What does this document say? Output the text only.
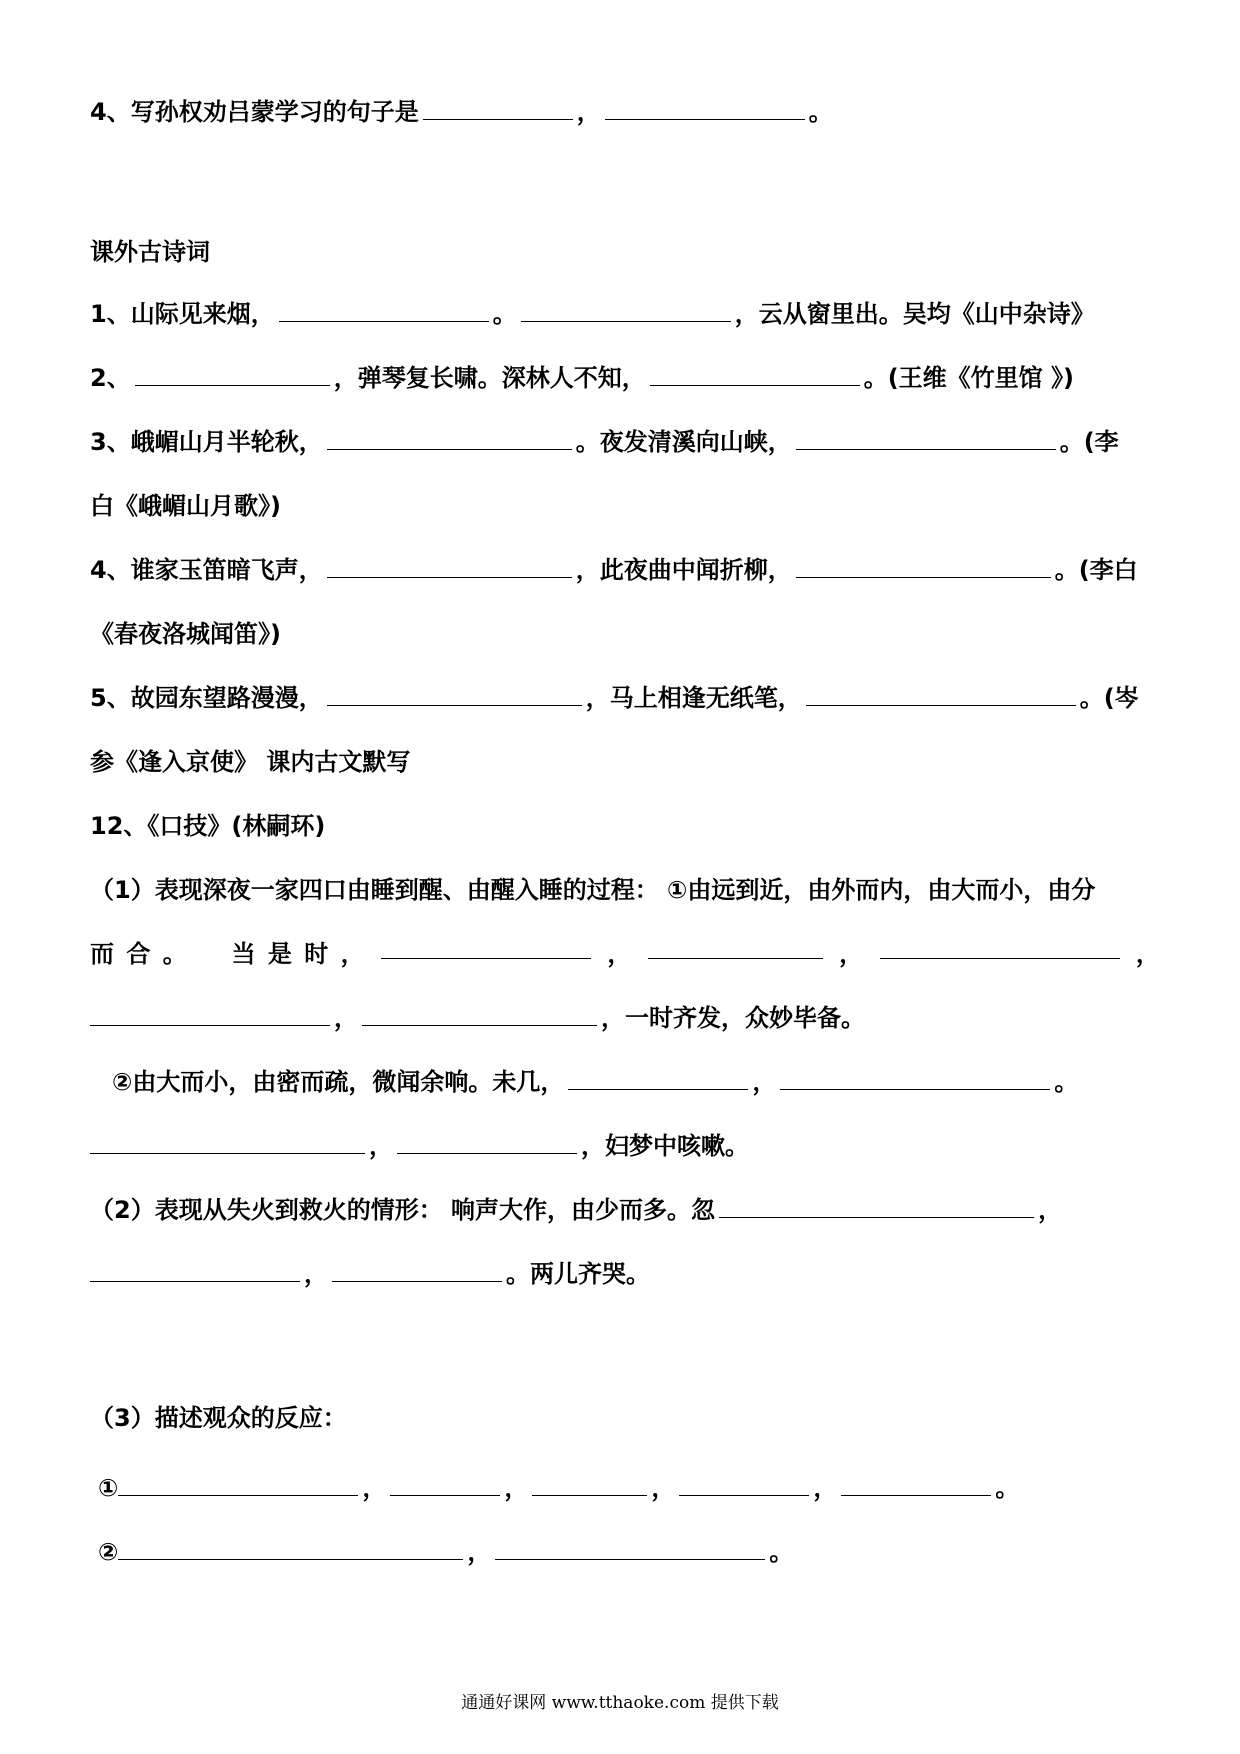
4、写孙权劝吕蒙学习的句子是	，	。
课外古诗词
1、山际见来烟，	。	，云从窗里出。吴均《山中杂诗》
2、	，弹琴复长啸。深林人不知，	。(王维《竹里馆 》)
3、峨嵋山月半轮秋，	。夜发清溪向山峡，	。(李
白《峨嵋山月歌》)
4、谁家玉笛暗飞声，	，此夜曲中闻折柳，	。(李白
《春夜洛城闻笛》)
5、故园东望路漫漫，	，马上相逢无纸笔，	。(岑
参《逢入京使》 课内古文默写
12、《口技》(林嗣环)
（1）表现深夜一家四口由睡到醒、由醒入睡的过程： ①由远到近，由外而内，由大而小，由分
而 合 。 当 是 时 ，	，	，	，
，	，一时齐发，众妙毕备。
②由大而小，由密而疏，微闻余响。未几，	，	。
，	，妇梦中咳嗽。
（2）表现从失火到救火的情形： 响声大作，由少而多。忽	，
，	。两儿齐哭。
（3）描述观众的反应：
①	，	，	，	，	。
②	，	。
通通好课网 www.tthaoke.com 提供下载
